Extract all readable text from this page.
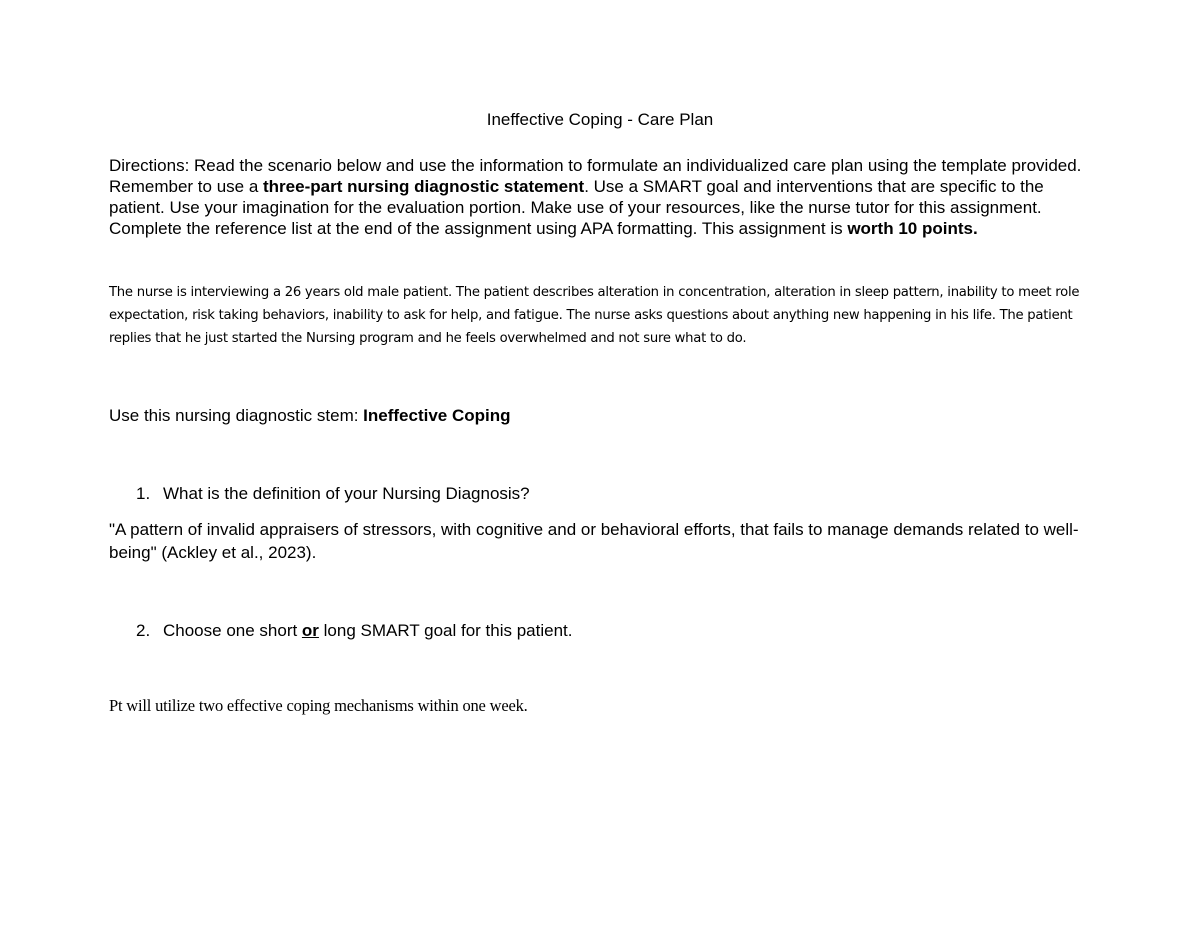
Ineffective Coping - Care Plan
Directions: Read the scenario below and use the information to formulate an individualized care plan using the template provided. Remember to use a three-part nursing diagnostic statement. Use a SMART goal and interventions that are specific to the patient. Use your imagination for the evaluation portion. Make use of your resources, like the nurse tutor for this assignment. Complete the reference list at the end of the assignment using APA formatting. This assignment is worth 10 points.
The nurse is interviewing a 26 years old male patient. The patient describes alteration in concentration, alteration in sleep pattern, inability to meet role expectation, risk taking behaviors, inability to ask for help, and fatigue. The nurse asks questions about anything new happening in his life. The patient replies that he just started the Nursing program and he feels overwhelmed and not sure what to do.
Use this nursing diagnostic stem: Ineffective Coping
1. What is the definition of your Nursing Diagnosis?
"A pattern of invalid appraisers of stressors, with cognitive and or behavioral efforts, that fails to manage demands related to well-being" (Ackley et al., 2023).
2. Choose one short or long SMART goal for this patient.
Pt will utilize two effective coping mechanisms within one week.
